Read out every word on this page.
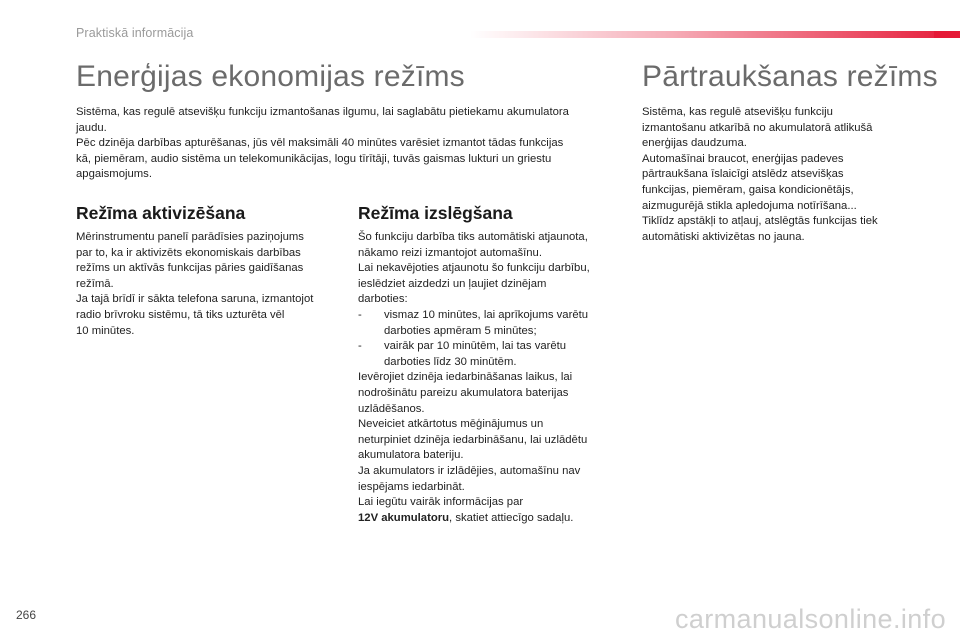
Praktiskā informācija
Enerģijas ekonomijas režīms	Pārtraukšanas režīms

Sistēma, kas regulē atsevišķu funkciju izmantošanas ilgumu, lai saglabātu pietiekamu akumulatora
jaudu.
Pēc dzinēja darbības apturēšanas, jūs vēl maksimāli 40 minūtes varēsiet izmantot tādas funkcijas
kā, piemēram, audio sistēma un telekomunikācijas, logu tīrītāji, tuvās gaismas lukturi un griestu
apgaismojums.

Režīma aktivizēšana

Mērinstrumentu panelī parādīsies paziņojums
par to, ka ir aktivizēts ekonomiskais darbības
režīms un aktīvās funkcijas pāries gaidīšanas
režīmā.
Ja tajā brīdī ir sākta telefona saruna, izmantojot
radio brīvroku sistēmu, tā tiks uzturēta vēl
10 minūtes.

Režīma izslēgšana

Šo funkciju darbība tiks automātiski atjaunota,
nākamo reizi izmantojot automašīnu.
Lai nekavējoties atjaunotu šo funkciju darbību,
ieslēdziet aizdedzi un ļaujiet dzinējam
darboties:
- vismaz 10 minūtes, lai aprīkojums varētu
darboties apmēram 5 minūtes;
- vairāk par 10 minūtēm, lai tas varētu
darboties līdz 30 minūtēm.
Ievērojiet dzinēja iedarbināšanas laikus, lai
nodrošinātu pareizu akumulatora baterijas
uzlādēšanos.
Neveiciet atkārtotus mēģinājumus un
neturpiniet dzinēja iedarbināšanu, lai uzlādētu
akumulatora bateriju.
Ja akumulators ir izlādējies, automašīnu nav
iespējams iedarbināt.
Lai iegūtu vairāk informācijas par
12V akumulatoru, skatiet attiecīgo sadaļu.

Sistēma, kas regulē atsevišķu funkciju
izmantošanu atkarībā no akumulatorā atlikušā
enerģijas daudzuma.
Automašīnai braucot, enerģijas padeves
pārtraukšana īslaicīgi atslēdz atsevišķas
funkcijas, piemēram, gaisa kondicionētājs,
aizmugurējā stikla apledojuma notīrīšana...
Tiklīdz apstākļi to atļauj, atslēgtās funkcijas tiek
automātiski aktivizētas no jauna.

266	carmanualsonline.info
